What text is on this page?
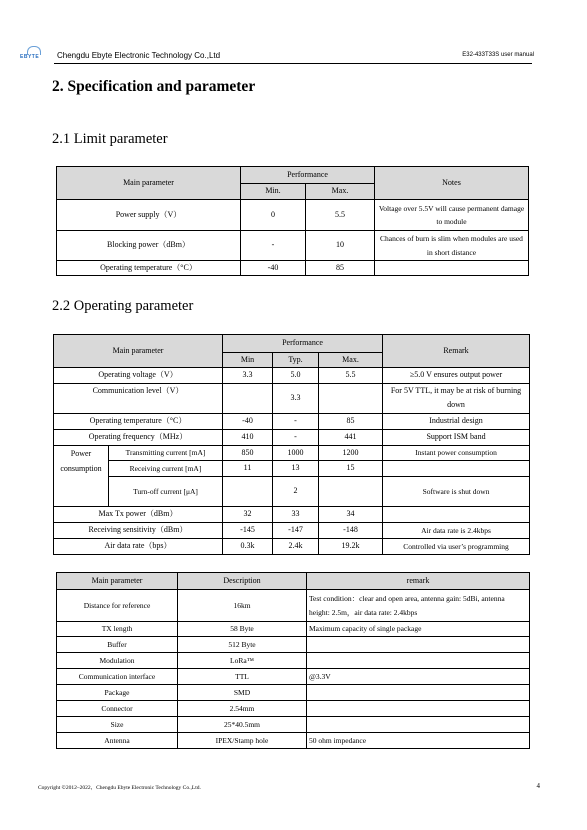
EBYTE Chengdu Ebyte Electronic Technology Co.,Ltd	E32-433T33S user manual
2. Specification and parameter
2.1 Limit parameter
Main parameter	Performance		Notes
	Min.	Max.	
Power supply（V）	0	5.5	Voltage over 5.5V will cause permanent damage to module
Blocking power（dBm）	-	10	Chances of burn is slim when modules are used in short distance
Operating temperature（°C）	-40	85	
2.2 Operating parameter
Main parameter		Performance			Remark
		Min	Typ.	Max.	
Operating voltage（V）		3.3	5.0	5.5	≥5.0 V ensures output power
Communication level（V）			3.3		For 5V TTL, it may be at risk of burning down
Operating temperature（°C）		-40	-	85	Industrial design
Operating frequency（MHz）		410	-	441	Support ISM band
Power consumption	Transmitting current [mA]	850	1000	1200	Instant power consumption
	Receiving current [mA]	11	13	15	
	Turn-off current [μA]		2		Software is shut down
Max Tx power（dBm）		32	33	34	
Receiving sensitivity（dBm）		-145	-147	-148	Air data rate is 2.4kbps
Air data rate（bps）		0.3k	2.4k	19.2k	Controlled via user’s programming
Main parameter	Description	remark
Distance for reference	16km	Test condition：clear and open area, antenna gain: 5dBi, antenna height: 2.5m，air data rate: 2.4kbps
TX length	58 Byte	Maximum capacity of single package
Buffer	512 Byte	
Modulation	LoRa™	
Communication interface	TTL	@3.3V
Package	SMD	
Connector	2.54mm	
Size	25*40.5mm	
Antenna	IPEX/Stamp hole	50 ohm impedance
Copyright ©2012–2022，Chengdu Ebyte Electronic Technology Co.,Ltd.	4
